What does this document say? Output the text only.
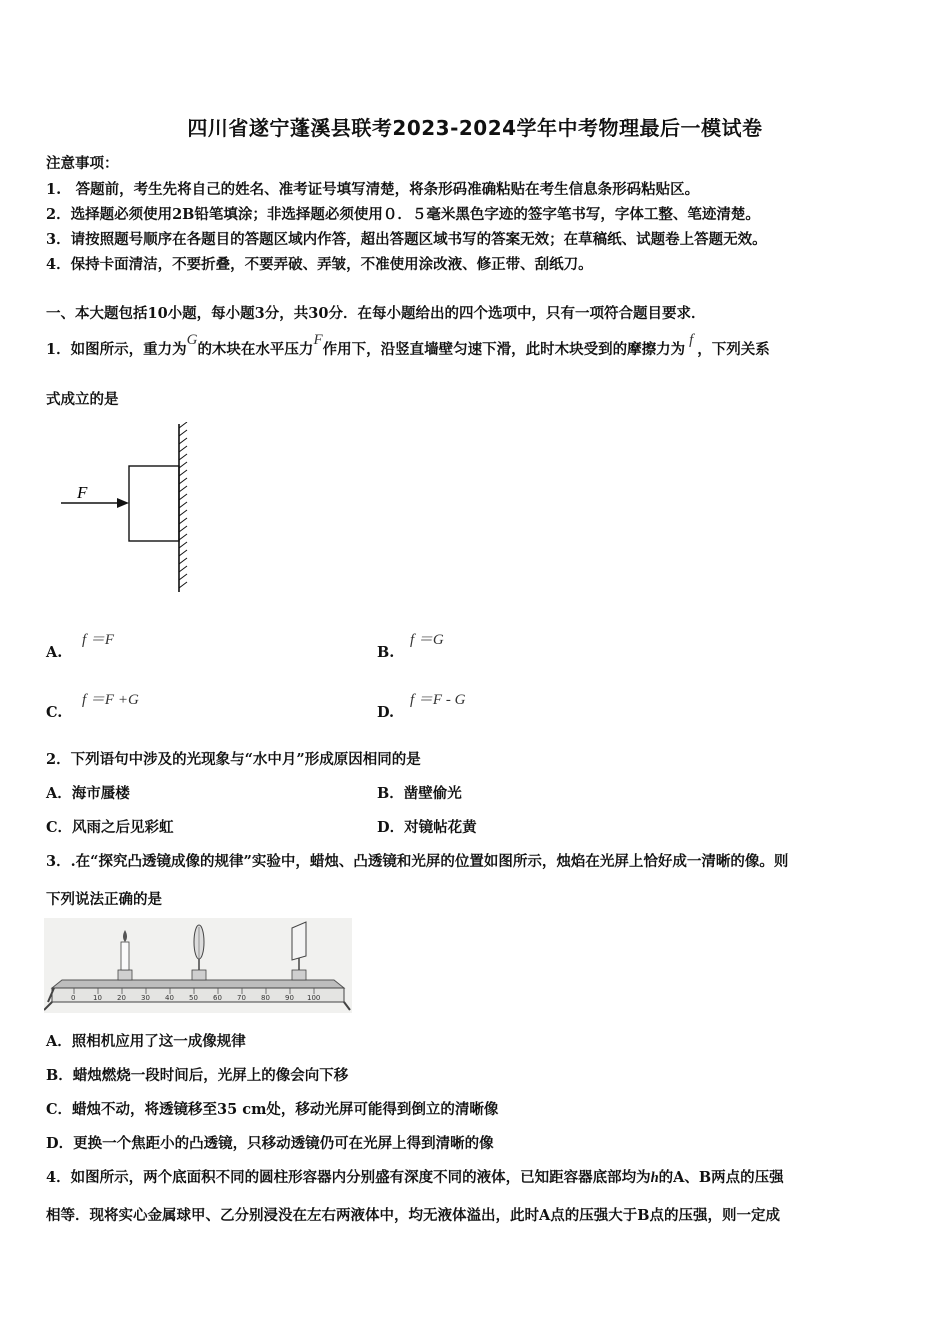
四川省遂宁蓬溪县联考2023-2024学年中考物理最后一模试卷
注意事项：
1.　答题前，考生先将自己的姓名、准考证号填写清楚，将条形码准确粘贴在考生信息条形码粘贴区。
2．选择题必须使用2B铅笔填涂；非选择题必须使用０．５毫米黑色字迹的签字笔书写，字体工整、笔迹清楚。
3．请按照题号顺序在各题目的答题区域内作答，超出答题区域书写的答案无效；在草稿纸、试题卷上答题无效。
4．保持卡面清洁，不要折叠，不要弄破、弄皱，不准使用涂改液、修正带、刮纸刀。
一、本大题包括10小题，每小题3分，共30分．在每小题给出的四个选项中，只有一项符合题目要求．
1．如图所示，重力为G的木块在水平压力F作用下，沿竖直墙壁匀速下滑，此时木块受到的摩擦力为f，下列关系
式成立的是
F
A.
f ＝F
B.
f ＝G
C.
f ＝F +G
D.
f ＝F - G
2．下列语句中涉及的光现象与“水中月”形成原因相同的是
A．海市蜃楼	B．凿壁偷光
C．风雨之后见彩虹	D．对镜帖花黄
3．.在“探究凸透镜成像的规律”实验中，蜡烛、凸透镜和光屏的位置如图所示，烛焰在光屏上恰好成一清晰的像。则
下列说法正确的是
0	10 20 30 40 50 60 70 80 90 100
A．照相机应用了这一成像规律
B．蜡烛燃烧一段时间后，光屏上的像会向下移
C．蜡烛不动，将透镜移至35 cm处，移动光屏可能得到倒立的清晰像
D．更换一个焦距小的凸透镜，只移动透镜仍可在光屏上得到清晰的像
4．如图所示，两个底面积不同的圆柱形容器内分别盛有深度不同的液体，已知距容器底部均为h的A、B两点的压强
相等．现将实心金属球甲、乙分别浸没在左右两液体中，均无液体溢出，此时A点的压强大于B点的压强，则一定成
